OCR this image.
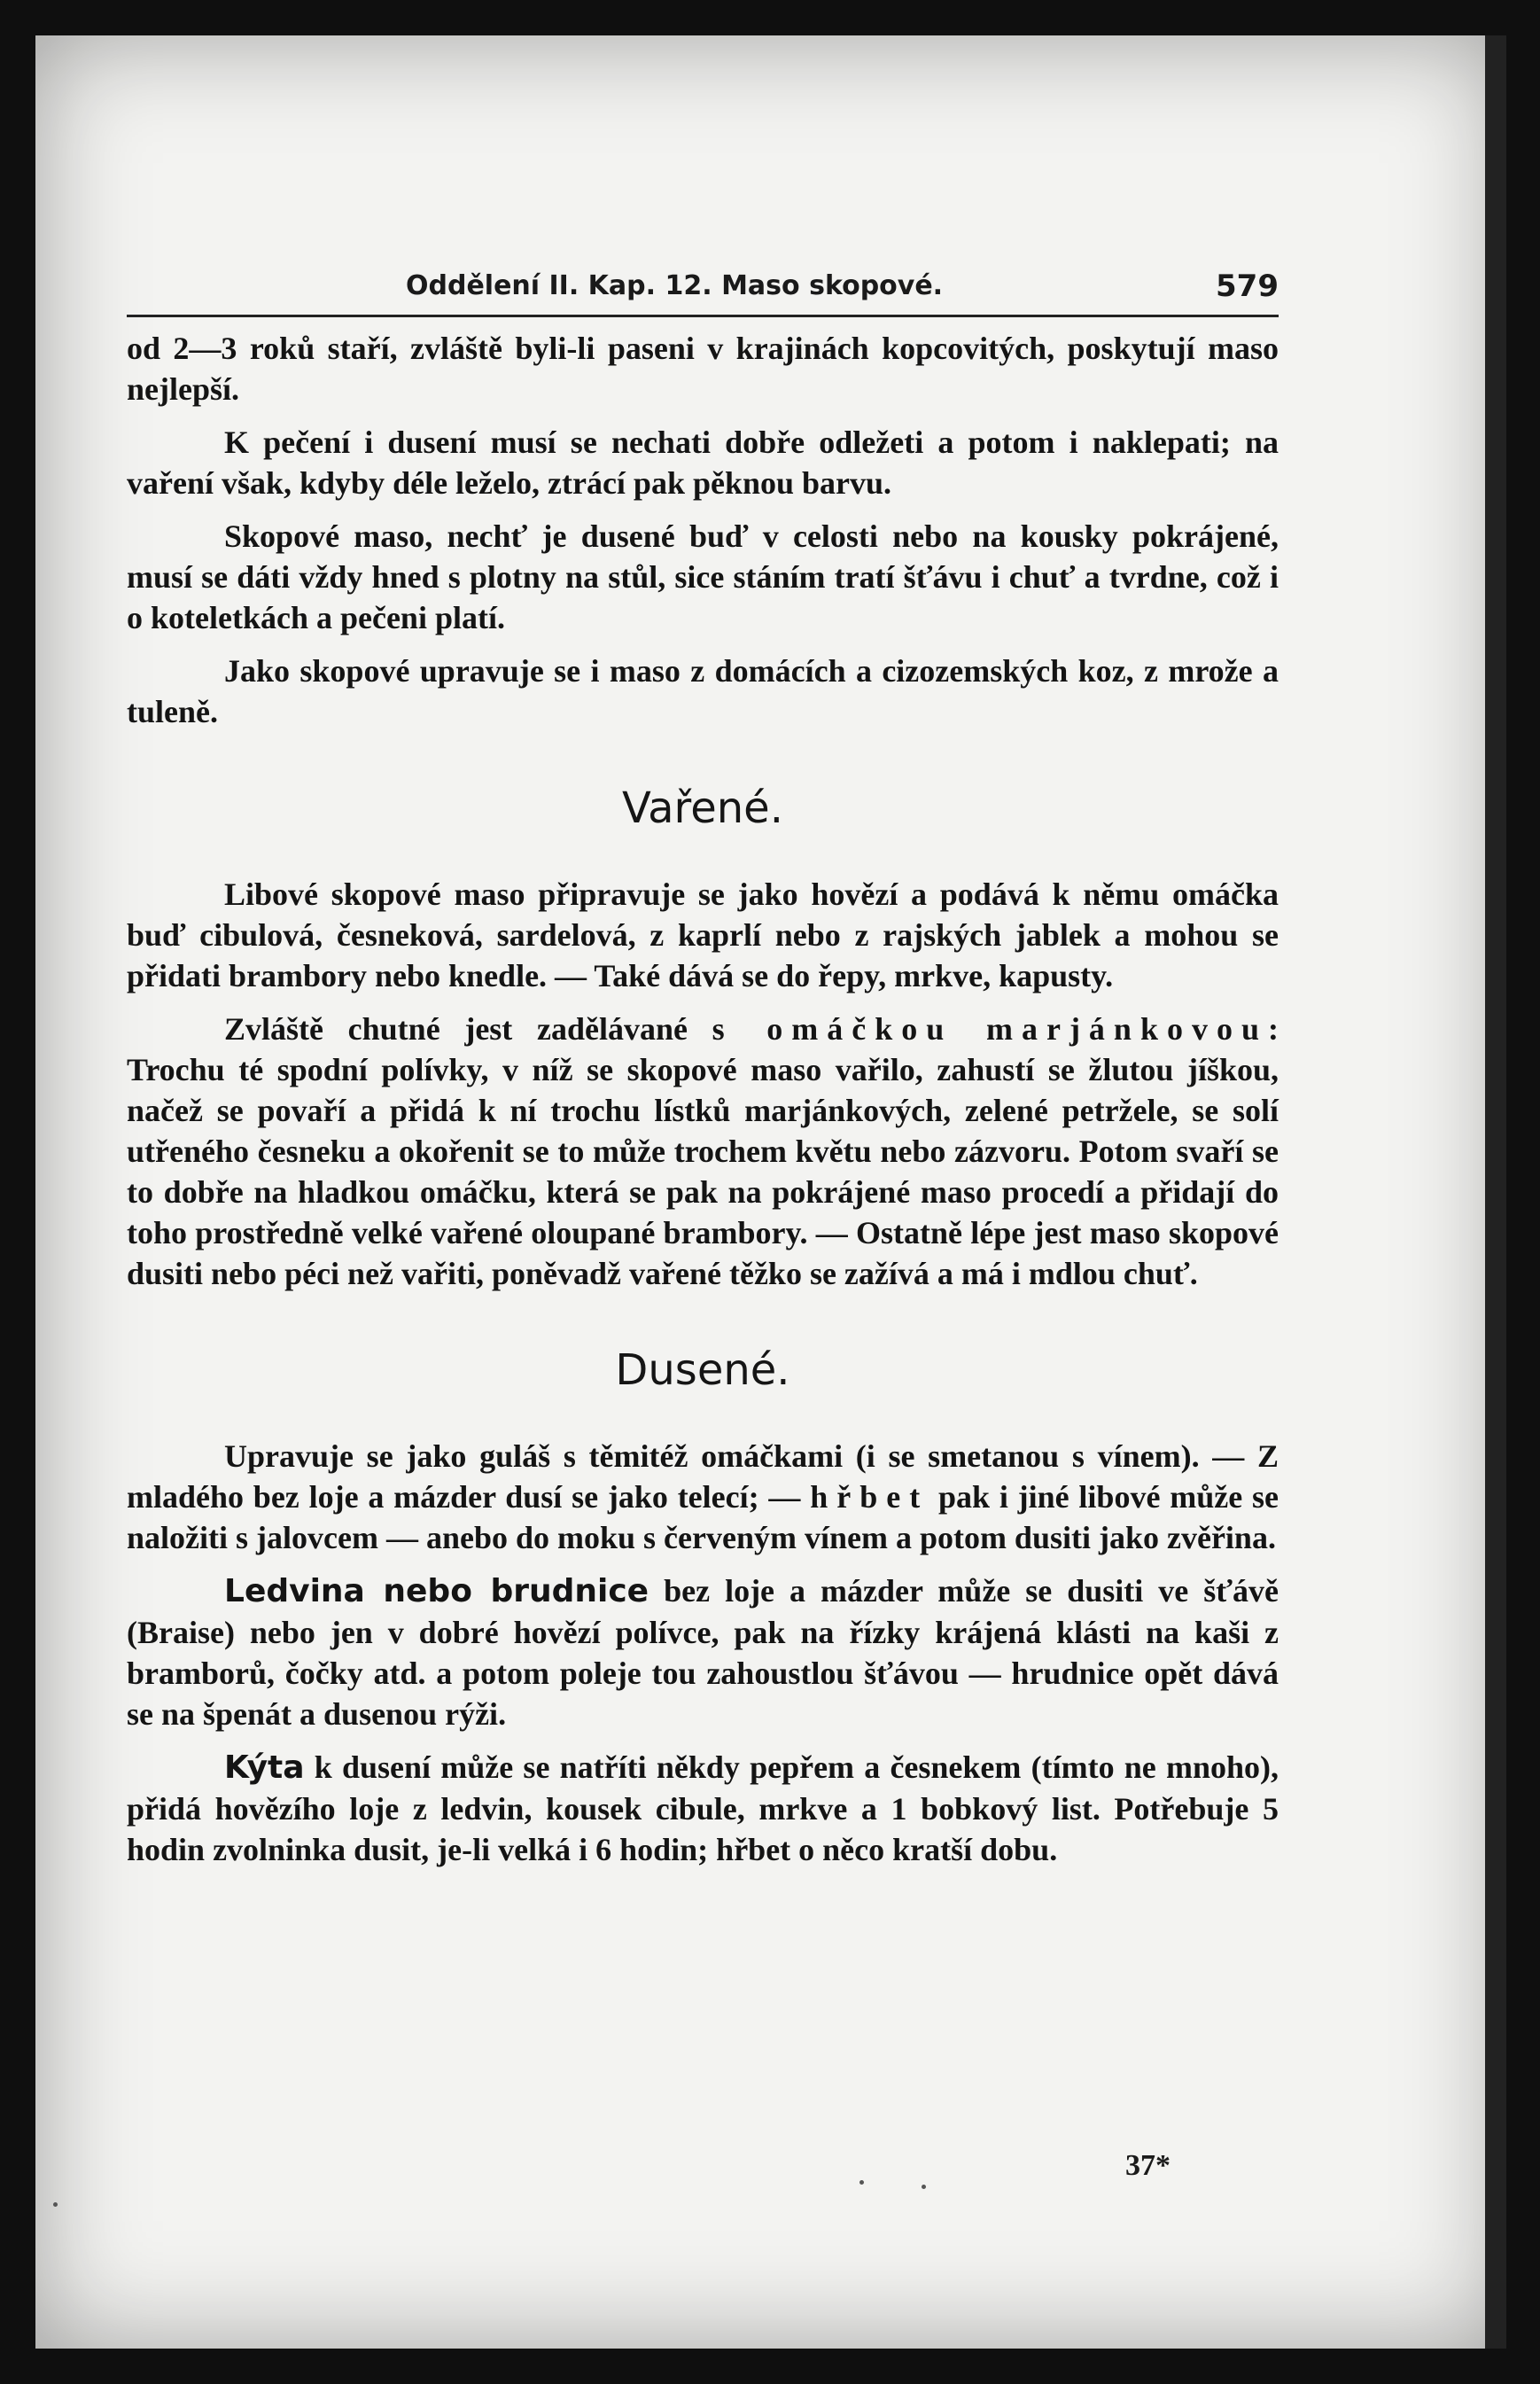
Oddělení II. Kap. 12. Maso skopové.	579

od 2—3 roků staří, zvláště byli-li paseni v krajinách kopcovitých, poskytují maso nejlepší.

K pečení i dusení musí se nechati dobře odležeti a potom i naklepati; na vaření však, kdyby déle leželo, ztrácí pak pěknou barvu.

Skopové maso, nechť je dusené buď v celosti nebo na kousky pokrájené, musí se dáti vždy hned s plotny na stůl, sice stáním tratí šťávu i chuť a tvrdne, což i o koteletkách a pečeni platí.

Jako skopové upravuje se i maso z domácích a cizozemských koz, z mrože a tuleně.

Vařené.

Libové skopové maso připravuje se jako hovězí a podává k němu omáčka buď cibulová, česneková, sardelová, z kaprlí nebo z rajských jablek a mohou se přidati brambory nebo knedle. — Také dává se do řepy, mrkve, kapusty.

Zvláště chutné jest zadělávané s omáčkou marjánkovou: Trochu té spodní polívky, v níž se skopové maso vařilo, zahustí se žlutou jíškou, načež se povaří a přidá k ní trochu lístků marjánkových, zelené petržele, se solí utřeného česneku a okořenit se to může trochem květu nebo zázvoru. Potom svaří se to dobře na hladkou omáčku, která se pak na pokrájené maso procedí a přidají do toho prostředně velké vařené oloupané brambory. — Ostatně lépe jest maso skopové dusiti nebo péci než vařiti, poněvadž vařené těžko se zažívá a má i mdlou chuť.

Dusené.

Upravuje se jako guláš s těmitéž omáčkami (i se smetanou s vínem). — Z mladého bez loje a mázder dusí se jako telecí; — hřbet pak i jiné libové může se naložiti s jalovcem — anebo do moku s červeným vínem a potom dusiti jako zvěřina.

Ledvina nebo brudnice bez loje a mázder může se dusiti ve šťávě (Braise) nebo jen v dobré hovězí polívce, pak na řízky krájená klásti na kaši z bramborů, čočky atd. a potom poleje tou zahoustlou šťávou — hrudnice opět dává se na špenát a dusenou rýži.

Kýta k dusení může se natříti někdy pepřem a česnekem (tímto ne mnoho), přidá hovězího loje z ledvin, kousek cibule, mrkve a 1 bobkový list. Potřebuje 5 hodin zvolninka dusit, je-li velká i 6 hodin; hřbet o něco kratší dobu.

37*
